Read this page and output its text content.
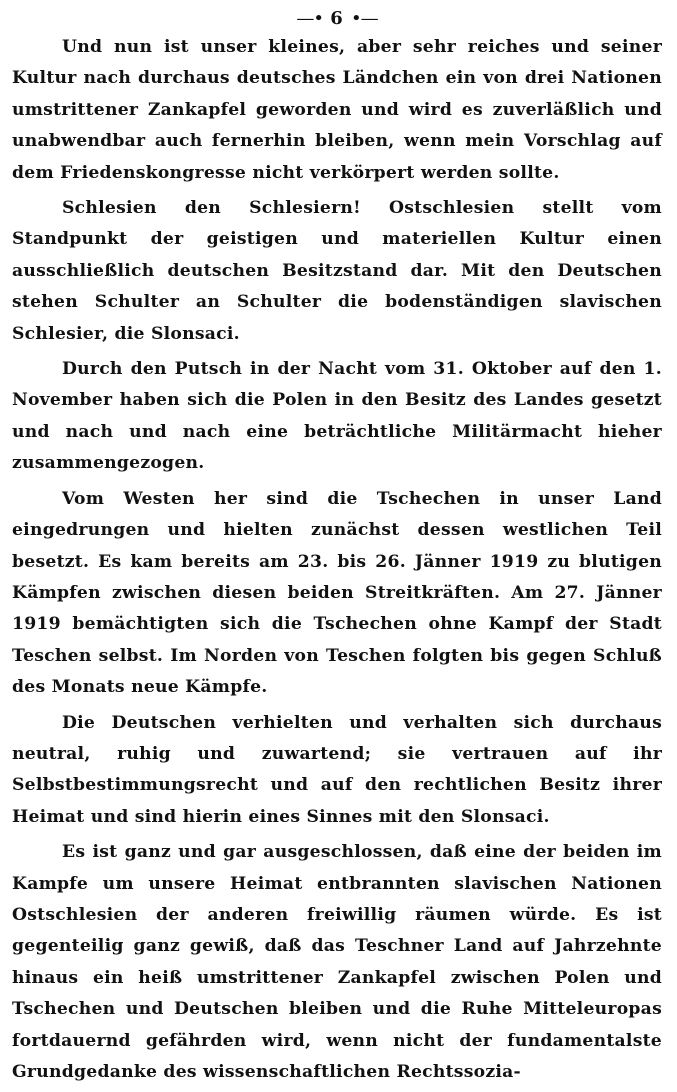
—• 6 •—

Und nun ist unser kleines, aber sehr reiches und seiner Kultur nach durchaus deutsches Ländchen ein von drei Nationen umstrittener Zankapfel geworden und wird es zuverläßlich und unabwendbar auch fernerhin bleiben, wenn mein Vorschlag auf dem Friedenskongresse nicht verkörpert werden sollte.

Schlesien den Schlesiern! Ostschlesien stellt vom Standpunkt der geistigen und materiellen Kultur einen ausschließlich deutschen Besitzstand dar. Mit den Deutschen stehen Schulter an Schulter die bodenständigen slavischen Schlesier, die Slonsaci.

Durch den Putsch in der Nacht vom 31. Oktober auf den 1. November haben sich die Polen in den Besitz des Landes gesetzt und nach und nach eine beträchtliche Militärmacht hieher zusammengezogen.

Vom Westen her sind die Tschechen in unser Land eingedrungen und hielten zunächst dessen westlichen Teil besetzt. Es kam bereits am 23. bis 26. Jänner 1919 zu blutigen Kämpfen zwischen diesen beiden Streitkräften. Am 27. Jänner 1919 bemächtigten sich die Tschechen ohne Kampf der Stadt Teschen selbst. Im Norden von Teschen folgten bis gegen Schluß des Monats neue Kämpfe.

Die Deutschen verhielten und verhalten sich durchaus neutral, ruhig und zuwartend; sie vertrauen auf ihr Selbstbestimmungsrecht und auf den rechtlichen Besitz ihrer Heimat und sind hierin eines Sinnes mit den Slonsaci.

Es ist ganz und gar ausgeschlossen, daß eine der beiden im Kampfe um unsere Heimat entbrannten slavischen Nationen Ostschlesien der anderen freiwillig räumen würde. Es ist gegenteilig ganz gewiß, daß das Teschner Land auf Jahrzehnte hinaus ein heiß umstrittener Zankapfel zwischen Polen und Tschechen und Deutschen bleiben und die Ruhe Mitteleuropas fortdauernd gefährden wird, wenn nicht der fundamentalste Grundgedanke des wissenschaftlichen Rechtssozia-
